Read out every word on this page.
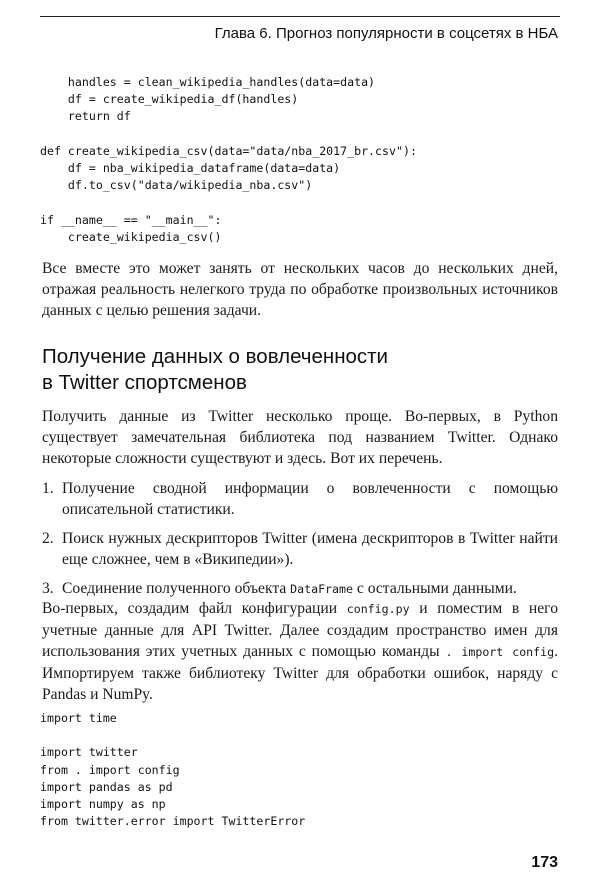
Глава 6. Прогноз популярности в соцсетях в НБА
handles = clean_wikipedia_handles(data=data)
df = create_wikipedia_df(handles)
return df

def create_wikipedia_csv(data="data/nba_2017_br.csv"):
df = nba_wikipedia_dataframe(data=data)
df.to_csv("data/wikipedia_nba.csv")

if __name__ == "__main__":
create_wikipedia_csv()

Все вместе это может занять от нескольких часов до нескольких дней, отражая реальность нелегкого труда по обработке произвольных источников данных с целью решения задачи.

Получение данных о вовлеченности
в Twitter спортсменов

Получить данные из Twitter несколько проще. Во-первых, в Python существует замечательная библиотека под названием Twitter. Однако некоторые сложности существуют и здесь. Вот их перечень.

1. Получение сводной информации о вовлеченности с помощью описательной статистики.
2. Поиск нужных дескрипторов Twitter (имена дескрипторов в Twitter найти еще сложнее, чем в «Википедии»).
3. Соединение полученного объекта DataFrame с остальными данными.

Во-первых, создадим файл конфигурации config.py и поместим в него учетные данные для API Twitter. Далее создадим пространство имен для использования этих учетных данных с помощью команды . import config. Импортируем также библиотеку Twitter для обработки ошибок, наряду с Pandas и NumPy.

import time

import twitter
from . import config
import pandas as pd
import numpy as np
from twitter.error import TwitterError
173
